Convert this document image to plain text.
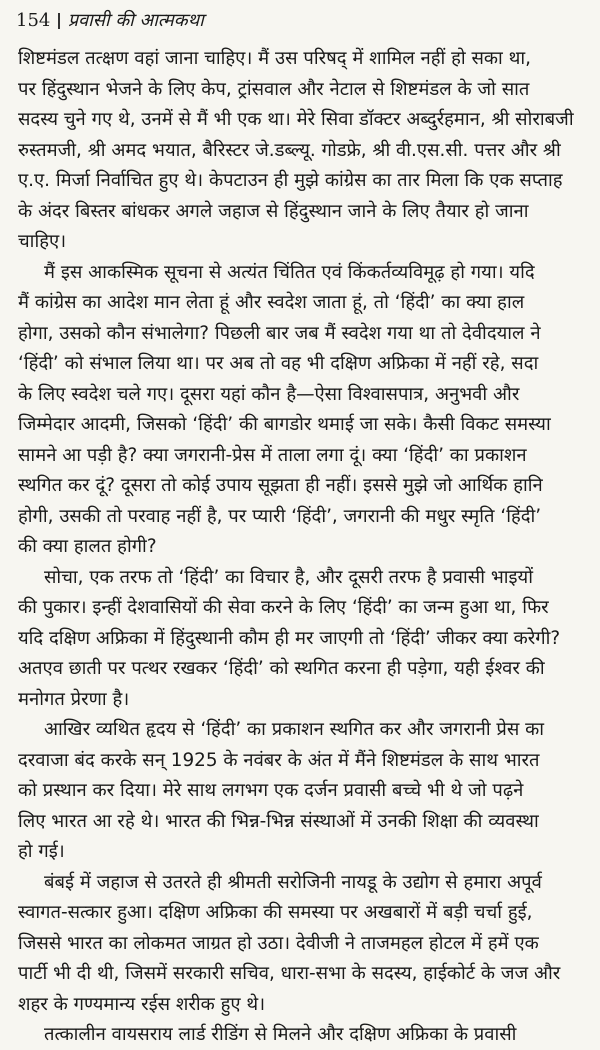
154 प्रवासी की आत्मकथा
शिष्टमंडल तत्क्षण वहां जाना चाहिए। मैं उस परिषद् में शामिल नहीं हो सका था,
पर हिंदुस्थान भेजने के लिए केप, ट्रांसवाल और नेटाल से शिष्टमंडल के जो सात
सदस्य चुने गए थे, उनमें से मैं भी एक था। मेरे सिवा डॉक्टर अब्दुर्रहमान, श्री सोराबजी
रुस्तमजी, श्री अमद भयात, बैरिस्टर जे.डब्ल्यू. गोडफ्रे, श्री वी.एस.सी. पत्तर और श्री
ए.ए. मिर्जा निर्वाचित हुए थे। केपटाउन ही मुझे कांग्रेस का तार मिला कि एक सप्ताह
के अंदर बिस्तर बांधकर अगले जहाज से हिंदुस्थान जाने के लिए तैयार हो जाना
चाहिए।
मैं इस आकस्मिक सूचना से अत्यंत चिंतित एवं किंकर्तव्यविमूढ़ हो गया। यदि
मैं कांग्रेस का आदेश मान लेता हूं और स्वदेश जाता हूं, तो ‘हिंदी’ का क्या हाल
होगा, उसको कौन संभालेगा? पिछली बार जब मैं स्वदेश गया था तो देवीदयाल ने
‘हिंदी’ को संभाल लिया था। पर अब तो वह भी दक्षिण अफ्रिका में नहीं रहे, सदा
के लिए स्वदेश चले गए। दूसरा यहां कौन है—ऐसा विश्वासपात्र, अनुभवी और
जिम्मेदार आदमी, जिसको ‘हिंदी’ की बागडोर थमाई जा सके। कैसी विकट समस्या
सामने आ पड़ी है? क्या जगरानी-प्रेस में ताला लगा दूं। क्या ‘हिंदी’ का प्रकाशन
स्थगित कर दूं? दूसरा तो कोई उपाय सूझता ही नहीं। इससे मुझे जो आर्थिक हानि
होगी, उसकी तो परवाह नहीं है, पर प्यारी ‘हिंदी’, जगरानी की मधुर स्मृति ‘हिंदी’
की क्या हालत होगी?
सोचा, एक तरफ तो ‘हिंदी’ का विचार है, और दूसरी तरफ है प्रवासी भाइयों
की पुकार। इन्हीं देशवासियों की सेवा करने के लिए ‘हिंदी’ का जन्म हुआ था, फिर
यदि दक्षिण अफ्रिका में हिंदुस्थानी कौम ही मर जाएगी तो ‘हिंदी’ जीकर क्या करेगी?
अतएव छाती पर पत्थर रखकर ‘हिंदी’ को स्थगित करना ही पड़ेगा, यही ईश्वर की
मनोगत प्रेरणा है।
आखिर व्यथित हृदय से ‘हिंदी’ का प्रकाशन स्थगित कर और जगरानी प्रेस का
दरवाजा बंद करके सन् 1925 के नवंबर के अंत में मैंने शिष्टमंडल के साथ भारत
को प्रस्थान कर दिया। मेरे साथ लगभग एक दर्जन प्रवासी बच्चे भी थे जो पढ़ने
लिए भारत आ रहे थे। भारत की भिन्न-भिन्न संस्थाओं में उनकी शिक्षा की व्यवस्था
हो गई।
बंबई में जहाज से उतरते ही श्रीमती सरोजिनी नायडू के उद्योग से हमारा अपूर्व
स्वागत-सत्कार हुआ। दक्षिण अफ्रिका की समस्या पर अखबारों में बड़ी चर्चा हुई,
जिससे भारत का लोकमत जाग्रत हो उठा। देवीजी ने ताजमहल होटल में हमें एक
पार्टी भी दी थी, जिसमें सरकारी सचिव, धारा-सभा के सदस्य, हाईकोर्ट के जज और
शहर के गण्यमान्य रईस शरीक हुए थे।
तत्कालीन वायसराय लार्ड रीडिंग से मिलने और दक्षिण अफ्रिका के प्रवासी
